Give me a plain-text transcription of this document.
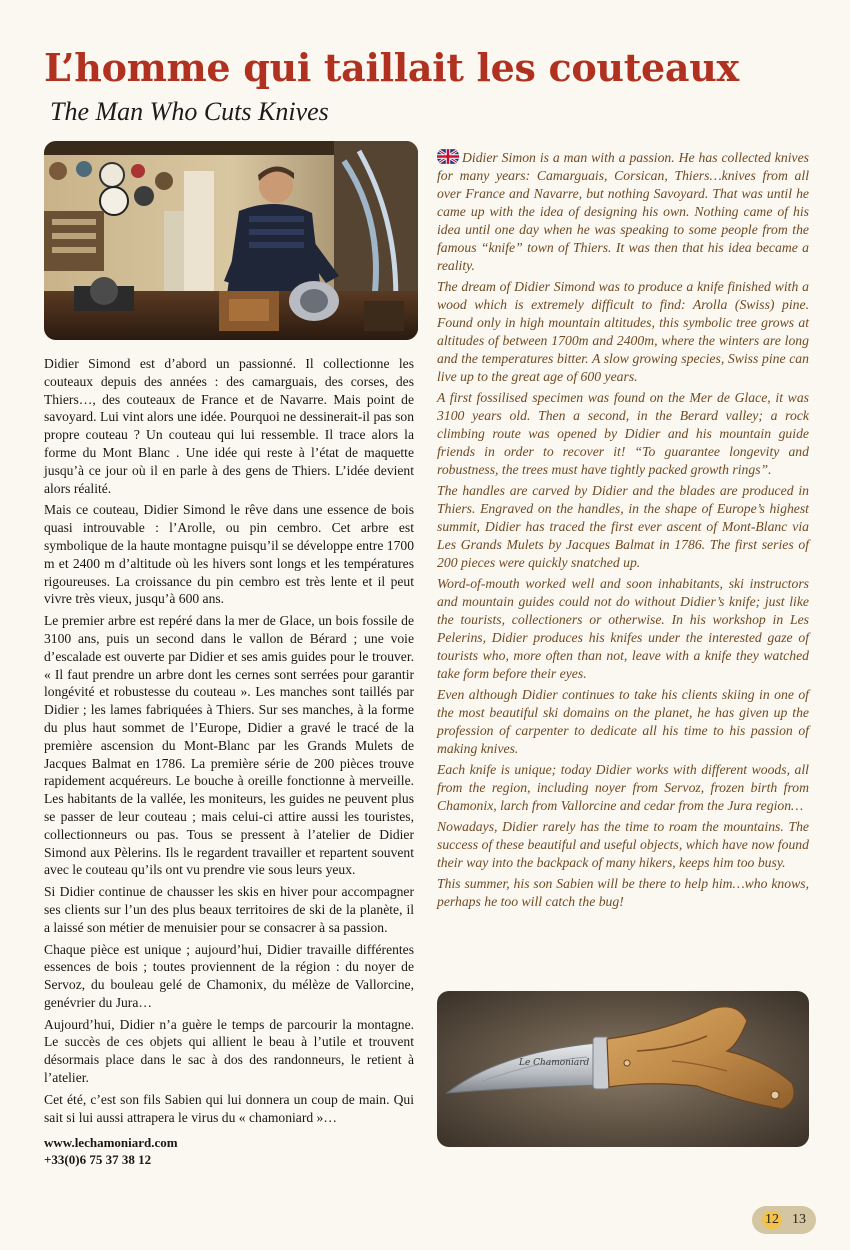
L’homme qui taillait les couteaux
The Man Who Cuts Knives

Didier Simond est d’abord un passionné. Il collectionne les couteaux depuis des années : des camarguais, des corses, des Thiers…, des couteaux de France et de Navarre. Mais point de savoyard. Lui vint alors une idée. Pourquoi ne dessinerait-il pas son propre couteau ? Un couteau qui lui ressemble. Il trace alors la forme du Mont Blanc . Une idée qui reste à l’état de maquette jusqu’à ce jour où il en parle à des gens de Thiers. L’idée devient alors réalité.

Mais ce couteau, Didier Simond le rêve dans une essence de bois quasi introuvable : l’Arolle, ou pin cembro. Cet arbre est symbolique de la haute montagne puisqu’il se développe entre 1700 m et 2400 m d’altitude où les hivers sont longs et les températures rigoureuses. La croissance du pin cembro est très lente et il peut vivre très vieux, jusqu’à 600 ans.

Le premier arbre est repéré dans la mer de Glace, un bois fossile de 3100 ans, puis un second dans le vallon de Bérard ; une voie d’escalade est ouverte par Didier et ses amis guides pour le trouver. « Il faut prendre un arbre dont les cernes sont serrées pour garantir longévité et robustesse du couteau ». Les manches sont taillés par Didier ; les lames fabriquées à Thiers. Sur ses manches, à la forme du plus haut sommet de l’Europe, Didier a gravé le tracé de la première ascension du Mont-Blanc par les Grands Mulets de Jacques Balmat en 1786. La première série de 200 pièces trouve rapidement acquéreurs. Le bouche à oreille fonctionne à merveille. Les habitants de la vallée, les moniteurs, les guides ne peuvent plus se passer de leur couteau ; mais celui-ci attire aussi les touristes, collectionneurs ou pas. Tous se pressent à l’atelier de Didier Simond aux Pèlerins. Ils le regardent travailler et repartent souvent avec le couteau qu’ils ont vu prendre vie sous leurs yeux.

Si Didier continue de chausser les skis en hiver pour accompagner ses clients sur l’un des plus beaux territoires de ski de la planète, il a laissé son métier de menuisier pour se consacrer à sa passion.

Chaque pièce est unique ; aujourd’hui, Didier travaille différentes essences de bois ; toutes proviennent de la région : du noyer de Servoz, du bouleau gelé de Chamonix, du mélèze de Vallorcine, genévrier du Jura…

Aujourd’hui, Didier n’a guère le temps de parcourir la montagne. Le succès de ces objets qui allient le beau à l’utile et trouvent désormais place dans le sac à dos des randonneurs, le retient à l’atelier.

Cet été, c’est son fils Sabien qui lui donnera un coup de main. Qui sait si lui aussi attrapera le virus du « chamoniard »…

www.lechamoniard.com
+33(0)6 75 37 38 12

Didier Simon is a man with a passion. He has collected knives for many years: Camarguais, Corsican, Thiers…knives from all over France and Navarre, but nothing Savoyard. That was until he came up with the idea of designing his own. Nothing came of his idea until one day when he was speaking to some people from the famous “knife” town of Thiers. It was then that his idea became a reality.

The dream of Didier Simond was to produce a knife finished with a wood which is extremely difficult to find: Arolla (Swiss) pine. Found only in high mountain altitudes, this symbolic tree grows at altitudes of between 1700m and 2400m, where the winters are long and the temperatures bitter. A slow growing species, Swiss pine can live up to the great age of 600 years.

A first fossilised specimen was found on the Mer de Glace, it was 3100 years old. Then a second, in the Berard valley; a rock climbing route was opened by Didier and his mountain guide friends in order to recover it! “To guarantee longevity and robustness, the trees must have tightly packed growth rings”.

The handles are carved by Didier and the blades are produced in Thiers. Engraved on the handles, in the shape of Europe’s highest summit, Didier has traced the first ever ascent of Mont-Blanc via Les Grands Mulets by Jacques Balmat in 1786. The first series of 200 pieces were quickly snatched up.

Word-of-mouth worked well and soon inhabitants, ski instructors and mountain guides could not do without Didier’s knife; just like the tourists, collectioners or otherwise. In his workshop in Les Pelerins, Didier produces his knifes under the interested gaze of tourists who, more often than not, leave with a knife they watched take form before their eyes.

Even although Didier continues to take his clients skiing in one of the most beautiful ski domains on the planet, he has given up the profession of carpenter to dedicate all his time to his passion of making knives.

Each knife is unique; today Didier works with different woods, all from the region, including noyer from Servoz, frozen birth from Chamonix, larch from Vallorcine and cedar from the Jura region…

Nowadays, Didier rarely has the time to roam the mountains. The success of these beautiful and useful objects, which have now found their way into the backpack of many hikers, keeps him too busy.

This summer, his son Sabien will be there to help him…who knows, perhaps he too will catch the bug!

Le Chamoniard
12 13
